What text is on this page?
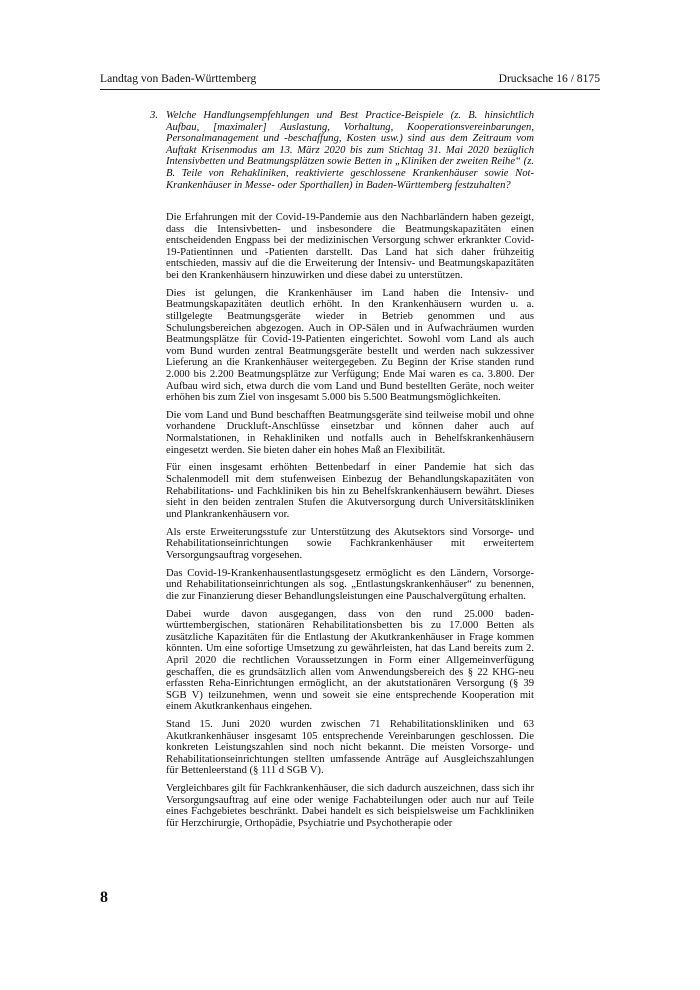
Landtag von Baden-Württemberg	Drucksache 16 / 8175
3. Welche Handlungsempfehlungen und Best Practice-Beispiele (z. B. hinsichtlich Aufbau, [maximaler] Auslastung, Vorhaltung, Kooperationsvereinbarungen, Personalmanagement und -beschaffung, Kosten usw.) sind aus dem Zeitraum vom Auftakt Krisenmodus am 13. März 2020 bis zum Stichtag 31. Mai 2020 bezüglich Intensivbetten und Beatmungsplätzen sowie Betten in „Kliniken der zweiten Reihe“ (z. B. Teile von Rehakliniken, reaktivierte geschlossene Krankenhäuser sowie Not-Krankenhäuser in Messe- oder Sporthallen) in Baden-Württemberg festzuhalten?

Die Erfahrungen mit der Covid-19-Pandemie aus den Nachbarländern haben gezeigt, dass die Intensivbetten- und insbesondere die Beatmungskapazitäten einen entscheidenden Engpass bei der medizinischen Versorgung schwer erkrankter Covid-19-Patientinnen und -Patienten darstellt. Das Land hat sich daher frühzeitig entschieden, massiv auf die die Erweiterung der Intensiv- und Beatmungskapazitäten bei den Krankenhäusern hinzuwirken und diese dabei zu unterstützen.

Dies ist gelungen, die Krankenhäuser im Land haben die Intensiv- und Beatmungskapazitäten deutlich erhöht. In den Krankenhäusern wurden u. a. stillgelegte Beatmungsgeräte wieder in Betrieb genommen und aus Schulungsbereichen abgezogen. Auch in OP-Sälen und in Aufwachräumen wurden Beatmungsplätze für Covid-19-Patienten eingerichtet. Sowohl vom Land als auch vom Bund wurden zentral Beatmungsgeräte bestellt und werden nach sukzessiver Lieferung an die Krankenhäuser weitergegeben. Zu Beginn der Krise standen rund 2.000 bis 2.200 Beatmungsplätze zur Verfügung; Ende Mai waren es ca. 3.800. Der Aufbau wird sich, etwa durch die vom Land und Bund bestellten Geräte, noch weiter erhöhen bis zum Ziel von insgesamt 5.000 bis 5.500 Beatmungsmöglichkeiten.

Die vom Land und Bund beschafften Beatmungsgeräte sind teilweise mobil und ohne vorhandene Druckluft-Anschlüsse einsetzbar und können daher auch auf Normalstationen, in Rehakliniken und notfalls auch in Behelfskrankenhäusern eingesetzt werden. Sie bieten daher ein hohes Maß an Flexibilität.

Für einen insgesamt erhöhten Bettenbedarf in einer Pandemie hat sich das Schalenmodell mit dem stufenweisen Einbezug der Behandlungskapazitäten von Rehabilitations- und Fachkliniken bis hin zu Behelfskrankenhäusern bewährt. Dieses sieht in den beiden zentralen Stufen die Akutversorgung durch Universitätskliniken und Plankrankenhäusern vor.

Als erste Erweiterungsstufe zur Unterstützung des Akutsektors sind Vorsorge- und Rehabilitationseinrichtungen sowie Fachkrankenhäuser mit erweitertem Versorgungsauftrag vorgesehen.

Das Covid-19-Krankenhausentlastungsgesetz ermöglicht es den Ländern, Vorsorge- und Rehabilitationseinrichtungen als sog. „Entlastungskrankenhäuser“ zu benennen, die zur Finanzierung dieser Behandlungsleistungen eine Pauschalvergütung erhalten.

Dabei wurde davon ausgegangen, dass von den rund 25.000 baden-württembergischen, stationären Rehabilitationsbetten bis zu 17.000 Betten als zusätzliche Kapazitäten für die Entlastung der Akutkrankenhäuser in Frage kommen könnten. Um eine sofortige Umsetzung zu gewährleisten, hat das Land bereits zum 2. April 2020 die rechtlichen Voraussetzungen in Form einer Allgemeinverfügung geschaffen, die es grundsätzlich allen vom Anwendungsbereich des § 22 KHG-neu erfassten Reha-Einrichtungen ermöglicht, an der akutstationären Versorgung (§ 39 SGB V) teilzunehmen, wenn und soweit sie eine entsprechende Kooperation mit einem Akutkrankenhaus eingehen.

Stand 15. Juni 2020 wurden zwischen 71 Rehabilitationskliniken und 63 Akutkrankenhäuser insgesamt 105 entsprechende Vereinbarungen geschlossen. Die konkreten Leistungszahlen sind noch nicht bekannt. Die meisten Vorsorge- und Rehabilitationseinrichtungen stellten umfassende Anträge auf Ausgleichszahlungen für Bettenleerstand (§ 111 d SGB V).

Vergleichbares gilt für Fachkrankenhäuser, die sich dadurch auszeichnen, dass sich ihr Versorgungsauftrag auf eine oder wenige Fachabteilungen oder auch nur auf Teile eines Fachgebietes beschränkt. Dabei handelt es sich beispielsweise um Fachkliniken für Herzchirurgie, Orthopädie, Psychiatrie und Psychotherapie oder

8
